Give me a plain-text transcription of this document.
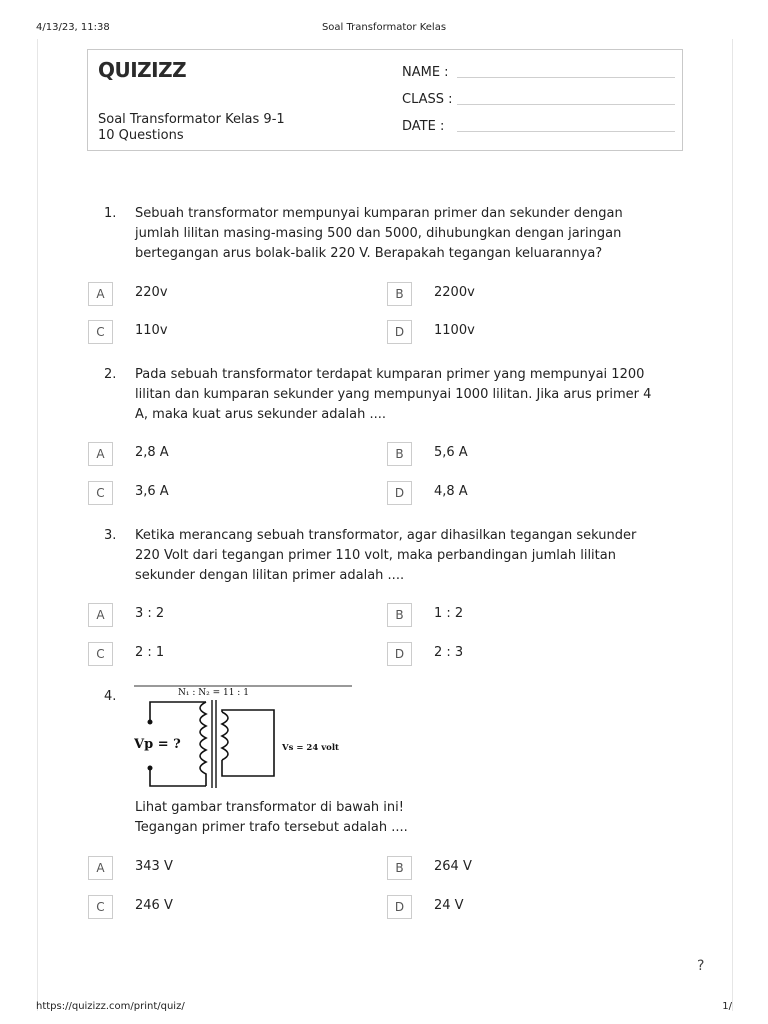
4/13/23, 11:38	Soal Transformator Kelas
QUIZIZZ
Soal Transformator Kelas 9-1
10 Questions
NAME :
CLASS :
DATE :
1. Sebuah transformator mempunyai kumparan primer dan sekunder dengan
jumlah lilitan masing-masing 500 dan 5000, dihubungkan dengan jaringan
bertegangan arus bolak-balik 220 V. Berapakah tegangan keluarannya?
A	220v	B	2200v
C	110v	D	1100v
2. Pada sebuah transformator terdapat kumparan primer yang mempunyai 1200
lilitan dan kumparan sekunder yang mempunyai 1000 lilitan. Jika arus primer 4
A, maka kuat arus sekunder adalah ....
A	2,8 A	B	5,6 A
C	3,6 A	D	4,8 A
3. Ketika merancang sebuah transformator, agar dihasilkan tegangan sekunder
220 Volt dari tegangan primer 110 volt, maka perbandingan jumlah lilitan
sekunder dengan lilitan primer adalah ....
A	3 : 2	B	1 : 2
C	2 : 1	D	2 : 3
4.	N₁ : N₂ = 11 : 1
Vp = ?	Vs = 24 volt
Lihat gambar transformator di bawah ini!
Tegangan primer trafo tersebut adalah ....
A	343 V	B	264 V
C	246 V	D	24 V
?
https://quizizz.com/print/quiz/	1/
